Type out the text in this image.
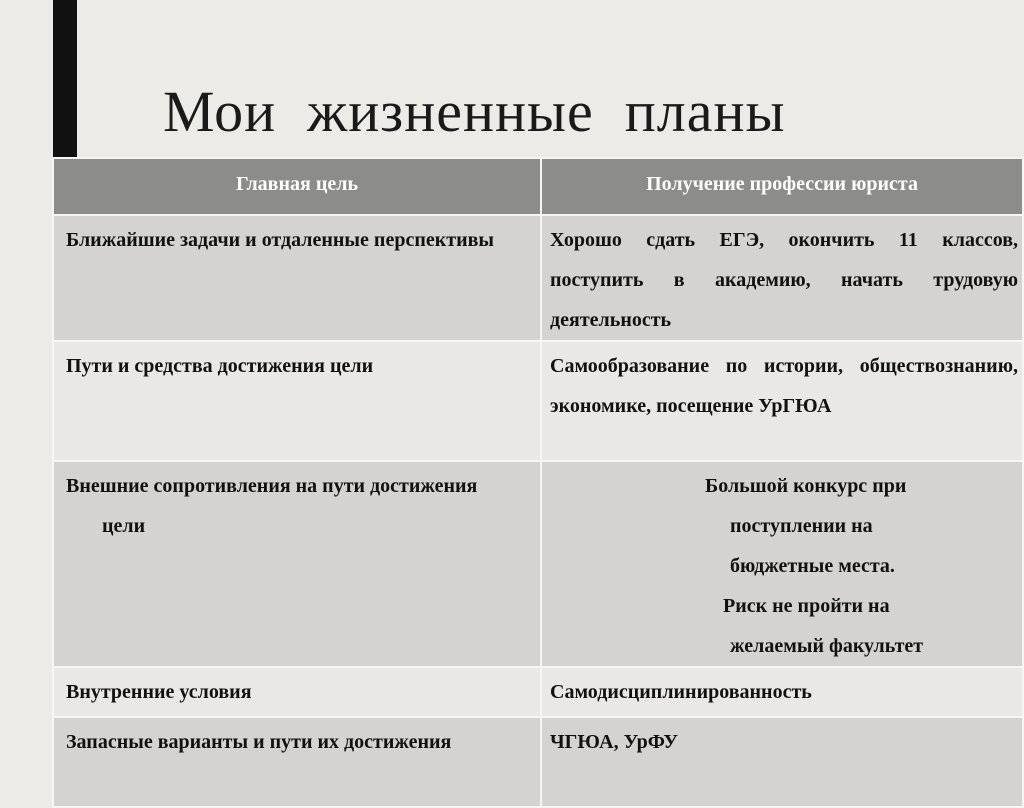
Мои  жизненные  планы
Главная цель	Получение профессии юриста

Ближайшие задачи и отдаленные перспективы	Хорошо сдать ЕГЭ, окончить 11 классов, поступить в академию, начать трудовую деятельность

Пути и средства достижения цели	Самообразование по истории, обществознанию, экономике, посещение УрГЮА

Внешние сопротивления на пути достижения цели	Большой конкурс при
поступлении на
бюджетные места.
Риск не пройти на
желаемый факультет

Внутренние условия	Самодисциплинированность

Запасные варианты и пути их достижения	ЧГЮА, УрФУ
